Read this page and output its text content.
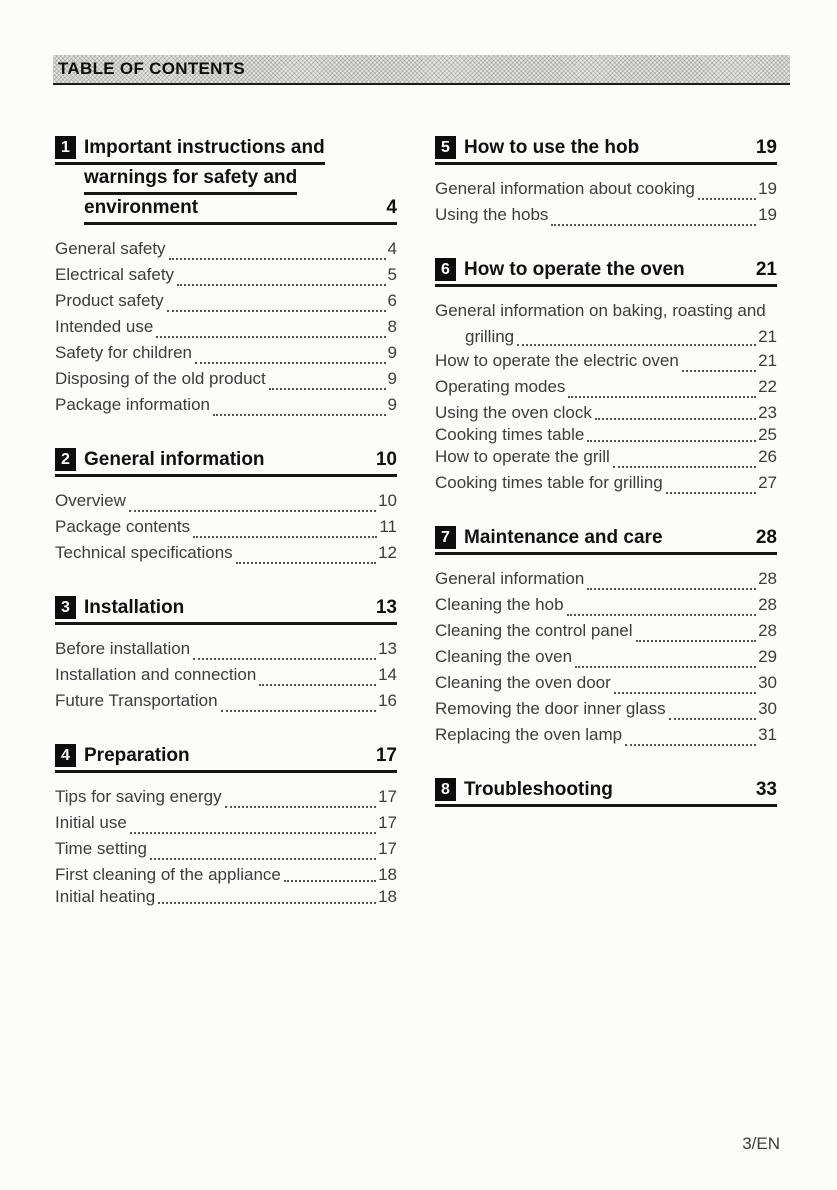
TABLE OF CONTENTS
1 Important instructions and
warnings for safety and
environment	4
General safety	4
Electrical safety	5
Product safety	6
Intended use	8
Safety for children	9
Disposing of the old product	9
Package information	9
2 General information	10
Overview	10
Package contents	11
Technical specifications	12
3 Installation	13
Before installation	13
Installation and connection	14
Future Transportation	16
4 Preparation	17
Tips for saving energy	17
Initial use	17
Time setting	17
First cleaning of the appliance	18
Initial heating	18
5 How to use the hob	19
General information about cooking	19
Using the hobs	19
6 How to operate the oven	21
General information on baking, roasting and
grilling	21
How to operate the electric oven	21
Operating modes	22
Using the oven clock	23
Cooking times table	25
How to operate the grill	26
Cooking times table for grilling	27
7 Maintenance and care	28
General information	28
Cleaning the hob	28
Cleaning the control panel	28
Cleaning the oven	29
Cleaning the oven door	30
Removing the door inner glass	30
Replacing the oven lamp	31
8 Troubleshooting	33
3/EN
